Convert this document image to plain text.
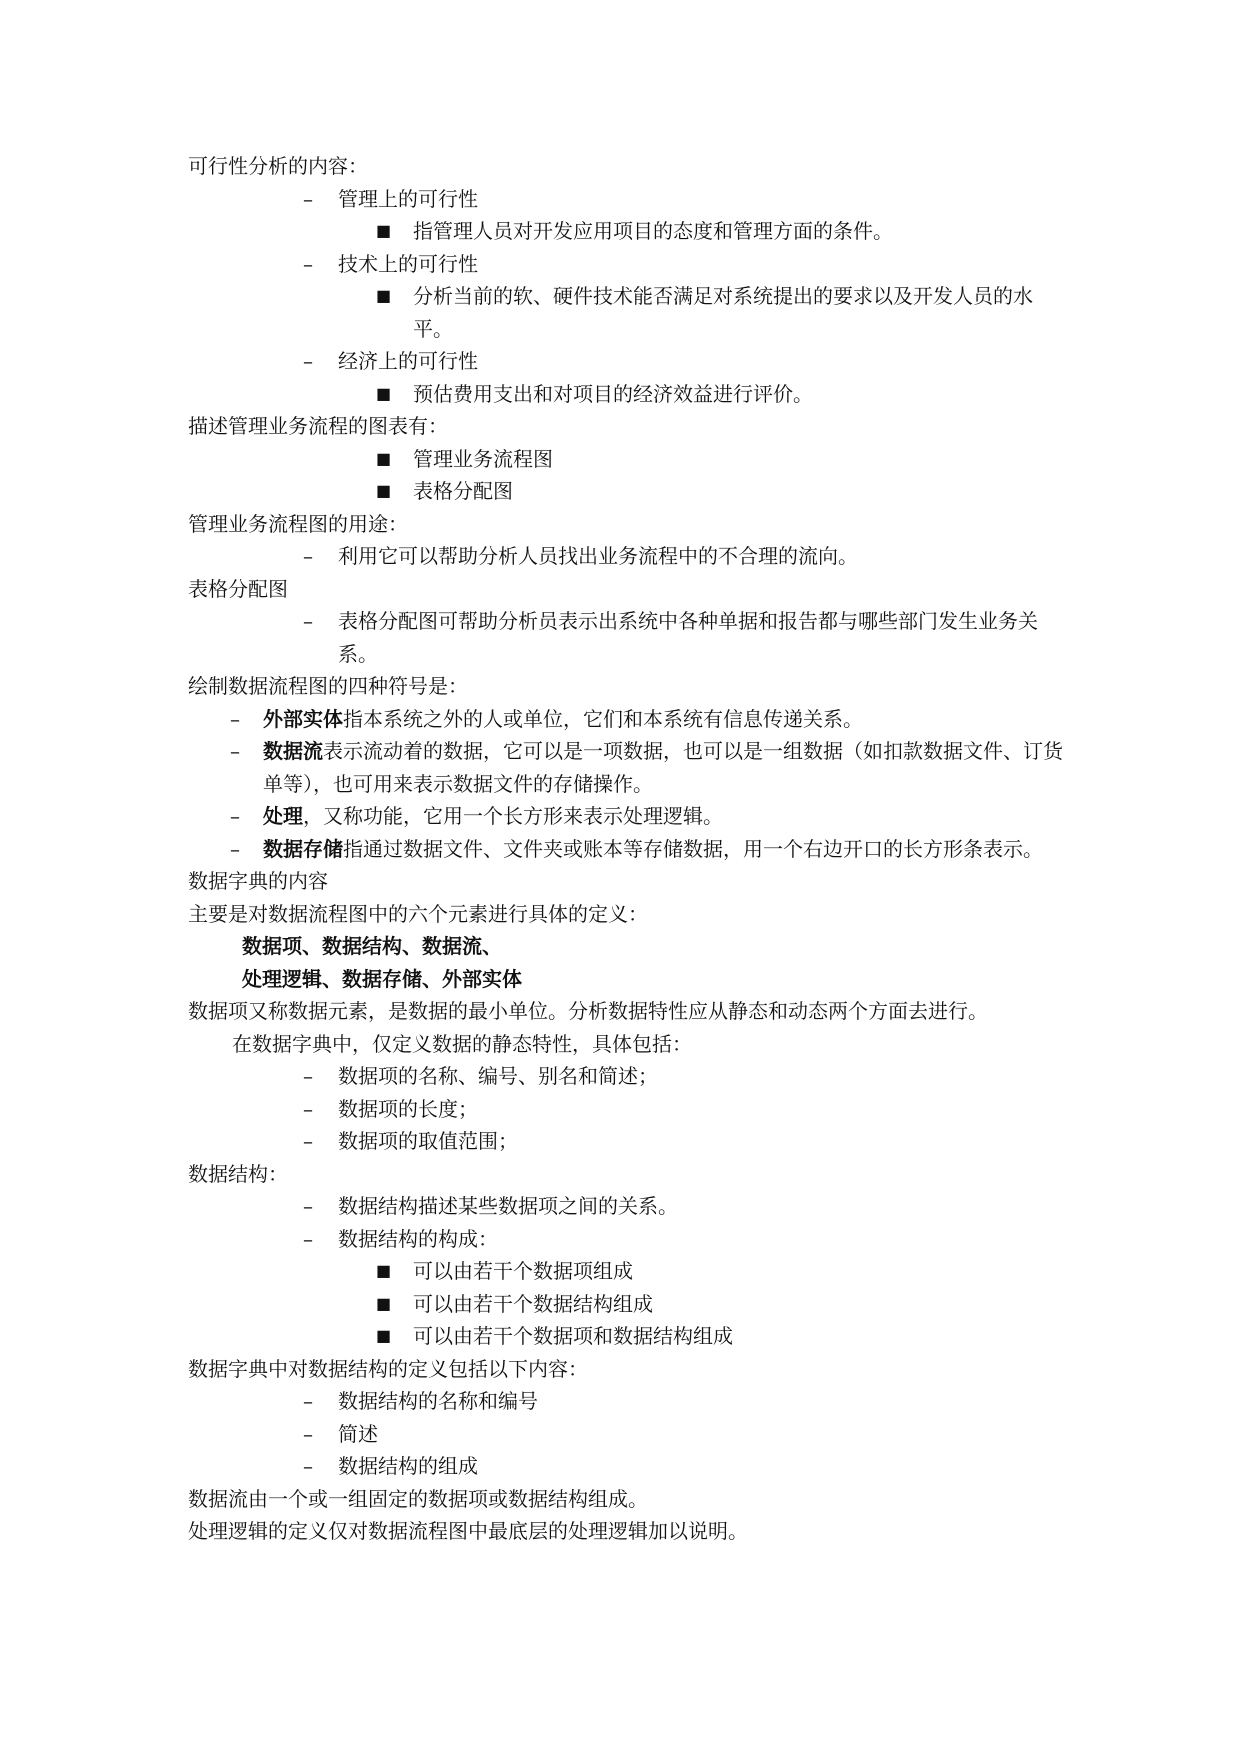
可行性分析的内容：
– 管理上的可行性
■ 指管理人员对开发应用项目的态度和管理方面的条件。
– 技术上的可行性
■ 分析当前的软、硬件技术能否满足对系统提出的要求以及开发人员的水平。
– 经济上的可行性
■ 预估费用支出和对项目的经济效益进行评价。
描述管理业务流程的图表有：
■ 管理业务流程图
■ 表格分配图
管理业务流程图的用途：
– 利用它可以帮助分析人员找出业务流程中的不合理的流向。
表格分配图
– 表格分配图可帮助分析员表示出系统中各种单据和报告都与哪些部门发生业务关系。
绘制数据流程图的四种符号是：
– 外部实体指本系统之外的人或单位，它们和本系统有信息传递关系。
– 数据流表示流动着的数据，它可以是一项数据，也可以是一组数据（如扣款数据文件、订货单等），也可用来表示数据文件的存储操作。
– 处理，又称功能，它用一个长方形来表示处理逻辑。
– 数据存储指通过数据文件、文件夹或账本等存储数据，用一个右边开口的长方形条表示。
数据字典的内容
主要是对数据流程图中的六个元素进行具体的定义：
数据项、数据结构、数据流、
处理逻辑、数据存储、外部实体
数据项又称数据元素，是数据的最小单位。分析数据特性应从静态和动态两个方面去进行。
在数据字典中，仅定义数据的静态特性，具体包括：
– 数据项的名称、编号、别名和简述；
– 数据项的长度；
– 数据项的取值范围；
数据结构：
– 数据结构描述某些数据项之间的关系。
– 数据结构的构成：
■ 可以由若干个数据项组成
■ 可以由若干个数据结构组成
■ 可以由若干个数据项和数据结构组成
数据字典中对数据结构的定义包括以下内容：
– 数据结构的名称和编号
– 简述
– 数据结构的组成
数据流由一个或一组固定的数据项或数据结构组成。
处理逻辑的定义仅对数据流程图中最底层的处理逻辑加以说明。
